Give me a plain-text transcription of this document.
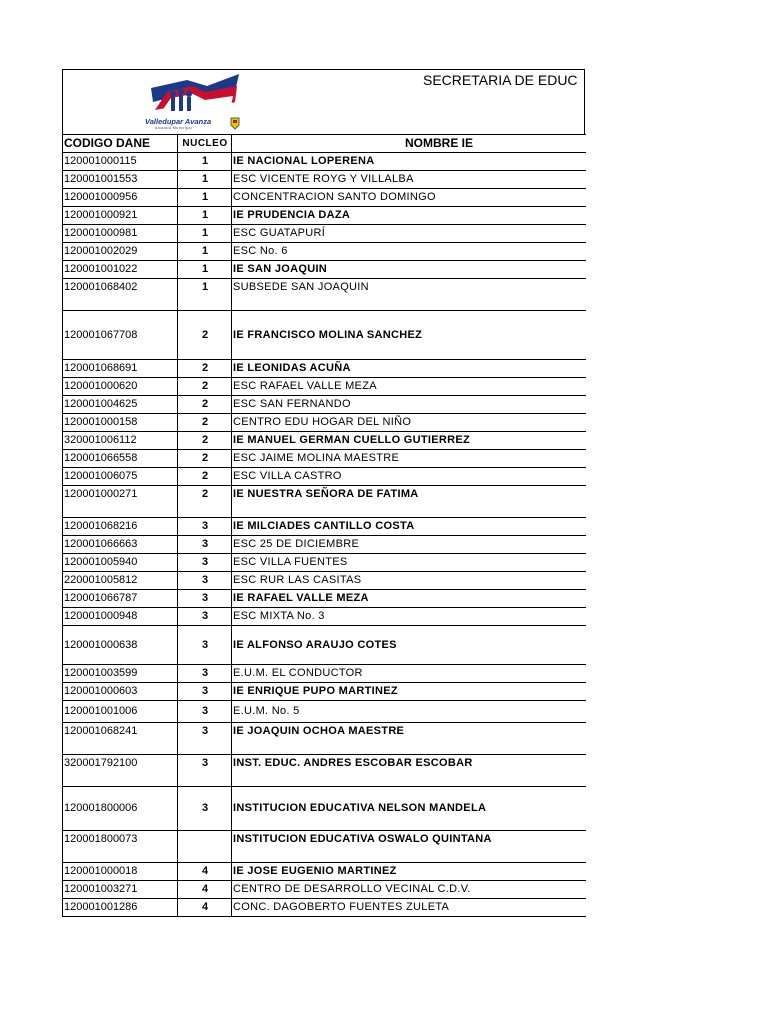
Valledupar Avanza
Alcaldía Municipal
SECRETARIA DE EDUC
CODIGO DANE	NUCLEO	NOMBRE IE
120001000115	1	IE NACIONAL LOPERENA
120001001553	1	ESC VICENTE ROYG Y VILLALBA
120001000956	1	CONCENTRACION SANTO DOMINGO
120001000921	1	IE PRUDENCIA DAZA
120001000981	1	ESC GUATAPURÍ
120001002029	1	ESC No. 6
120001001022	1	IE SAN JOAQUIN
120001068402	1	SUBSEDE SAN JOAQUIN
120001067708	2	IE FRANCISCO MOLINA SANCHEZ
120001068691	2	IE LEONIDAS ACUÑA
120001000620	2	ESC RAFAEL VALLE MEZA
120001004625	2	ESC SAN FERNANDO
120001000158	2	CENTRO EDU HOGAR DEL NIÑO
320001006112	2	IE MANUEL GERMAN CUELLO GUTIERREZ
120001066558	2	ESC JAIME MOLINA MAESTRE
120001006075	2	ESC VILLA CASTRO
120001000271	2	IE NUESTRA SEÑORA DE FATIMA
120001068216	3	IE MILCIADES CANTILLO COSTA
120001066663	3	ESC 25 DE DICIEMBRE
120001005940	3	ESC VILLA FUENTES
220001005812	3	ESC RUR LAS CASITAS
120001066787	3	IE RAFAEL VALLE MEZA
120001000948	3	ESC MIXTA No. 3
120001000638	3	IE ALFONSO ARAUJO COTES
120001003599	3	E.U.M. EL CONDUCTOR
120001000603	3	IE ENRIQUE PUPO MARTINEZ
120001001006	3	E.U.M. No. 5
120001068241	3	IE JOAQUIN OCHOA MAESTRE
320001792100	3	INST. EDUC. ANDRES ESCOBAR ESCOBAR
120001800006	3	INSTITUCION EDUCATIVA NELSON MANDELA
120001800073		INSTITUCION EDUCATIVA OSWALO QUINTANA
120001000018	4	IE JOSE EUGENIO MARTINEZ
120001003271	4	CENTRO DE DESARROLLO VECINAL C.D.V.
120001001286	4	CONC. DAGOBERTO FUENTES ZULETA
